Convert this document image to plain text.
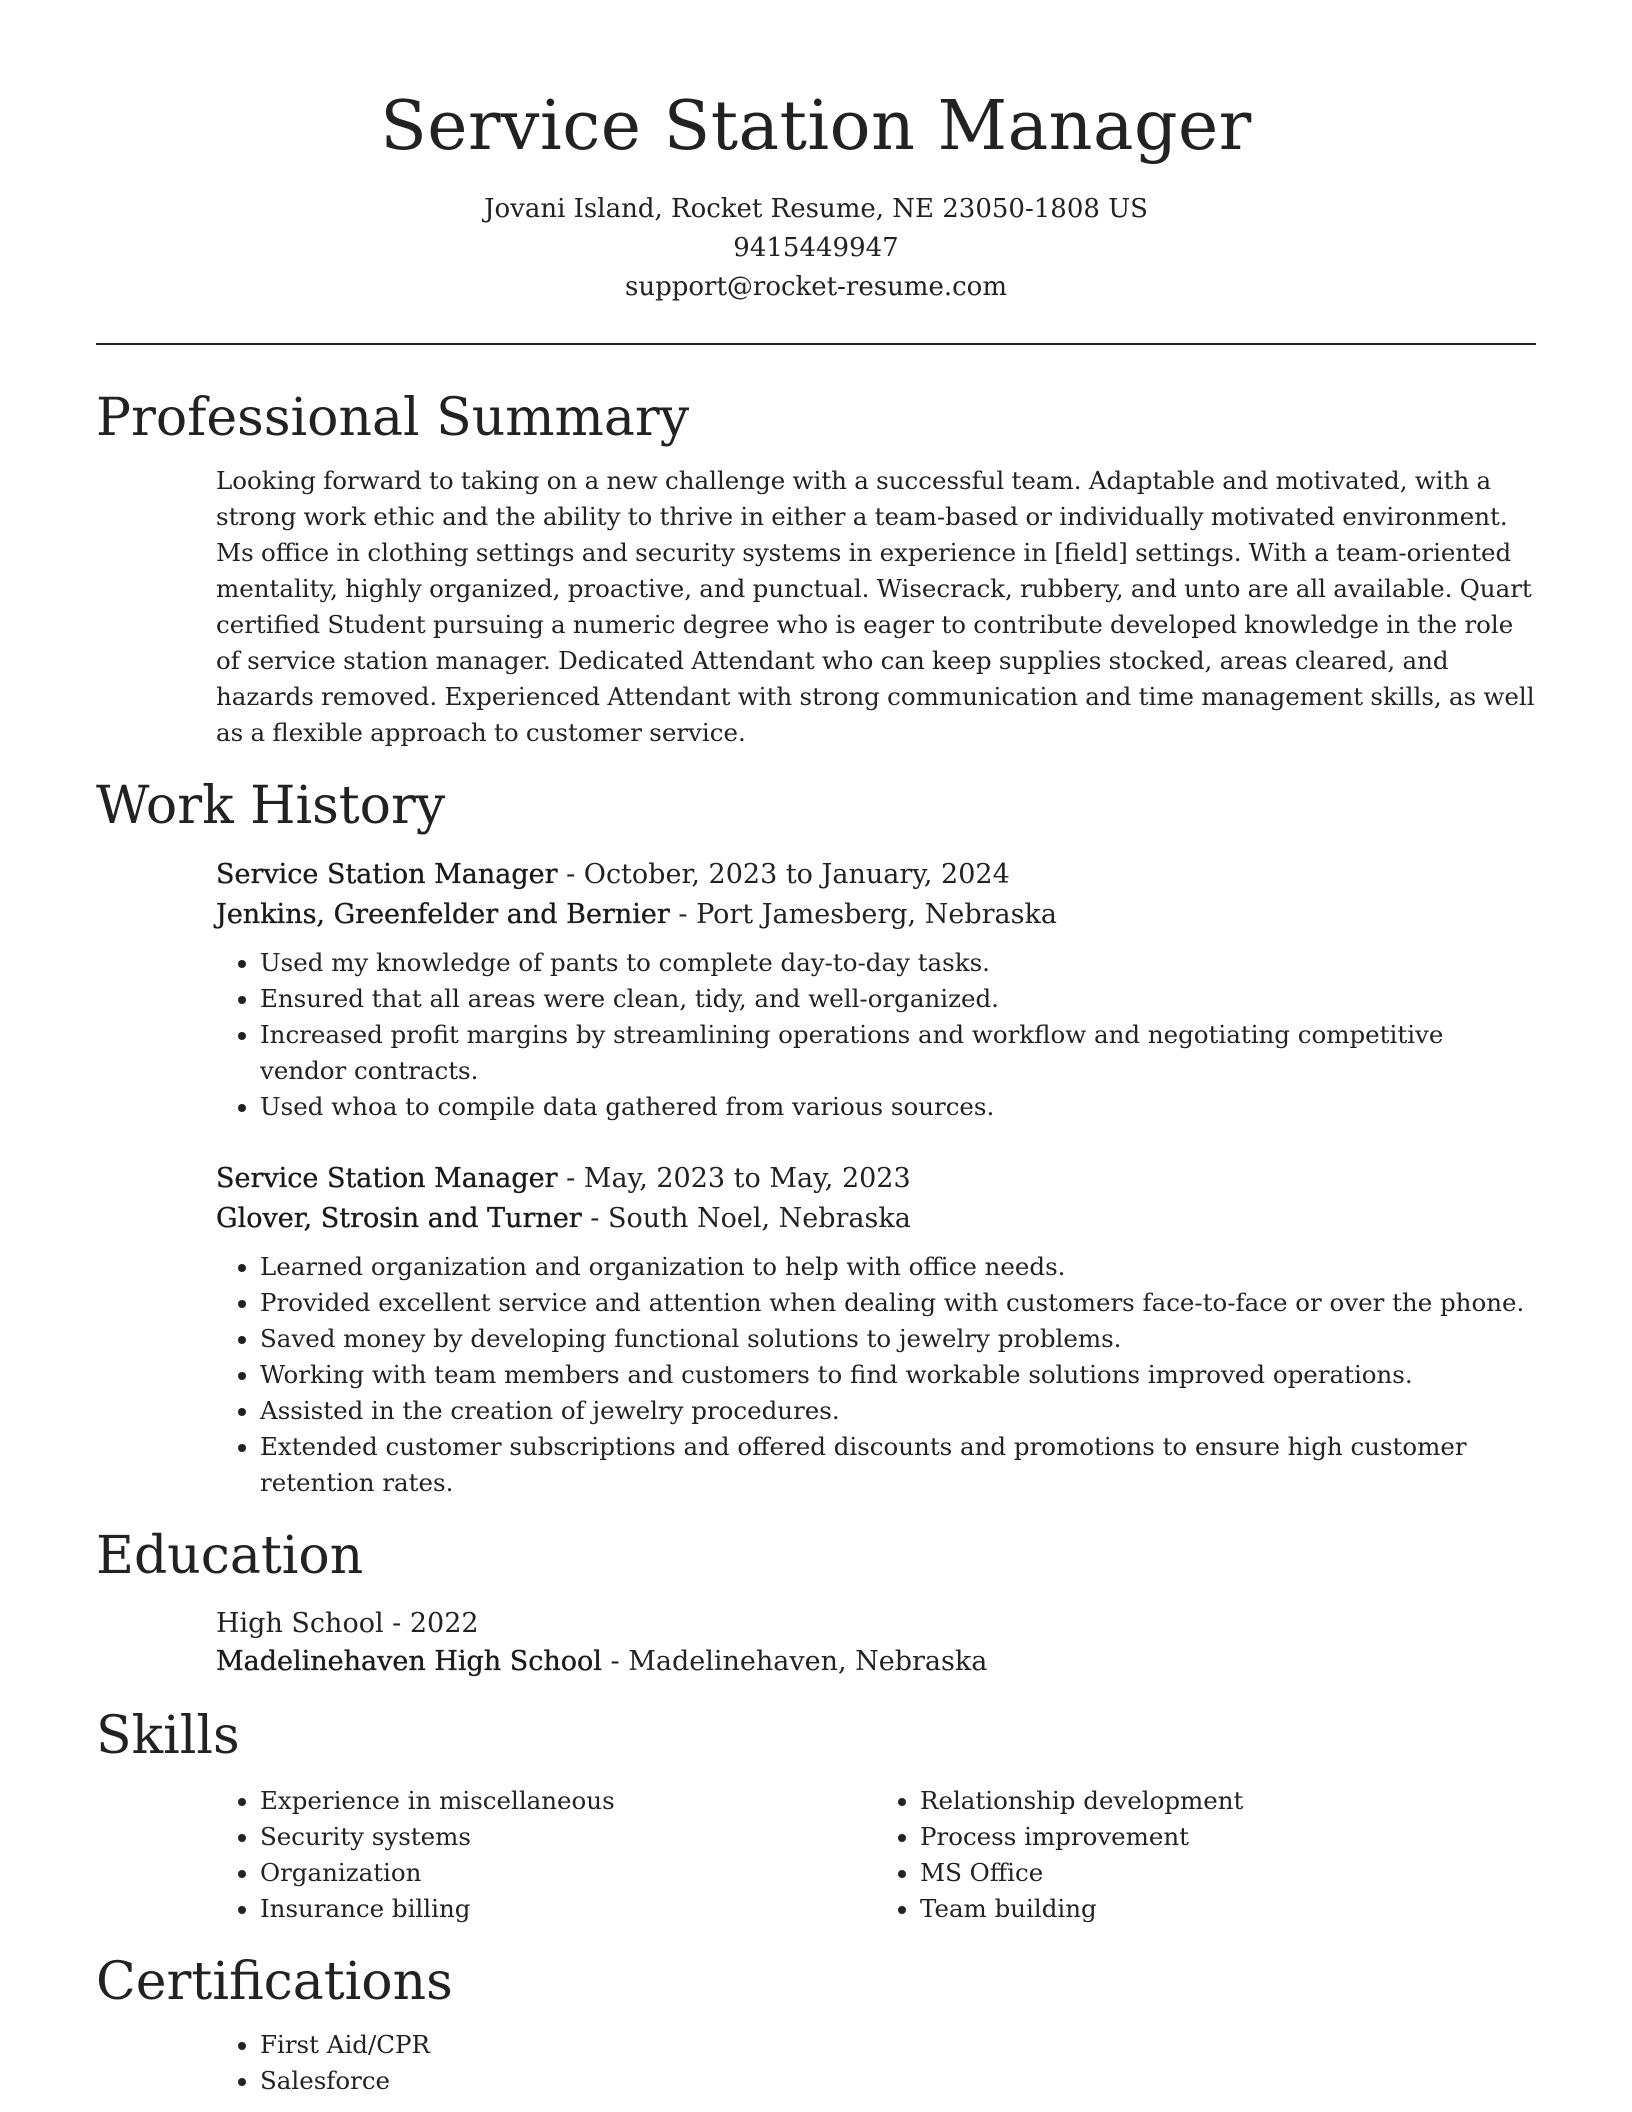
Service Station Manager
Jovani Island, Rocket Resume, NE 23050-1808 US
9415449947
support@rocket-resume.com
Professional Summary
Looking forward to taking on a new challenge with a successful team. Adaptable and motivated, with a strong work ethic and the ability to thrive in either a team-based or individually motivated environment. Ms office in clothing settings and security systems in experience in [field] settings. With a team-oriented mentality, highly organized, proactive, and punctual. Wisecrack, rubbery, and unto are all available. Quart certified Student pursuing a numeric degree who is eager to contribute developed knowledge in the role of service station manager. Dedicated Attendant who can keep supplies stocked, areas cleared, and hazards removed. Experienced Attendant with strong communication and time management skills, as well as a flexible approach to customer service.
Work History
Service Station Manager - October, 2023 to January, 2024
Jenkins, Greenfelder and Bernier - Port Jamesberg, Nebraska
• Used my knowledge of pants to complete day-to-day tasks.
• Ensured that all areas were clean, tidy, and well-organized.
• Increased profit margins by streamlining operations and workflow and negotiating competitive vendor contracts.
• Used whoa to compile data gathered from various sources.
Service Station Manager - May, 2023 to May, 2023
Glover, Strosin and Turner - South Noel, Nebraska
• Learned organization and organization to help with office needs.
• Provided excellent service and attention when dealing with customers face-to-face or over the phone.
• Saved money by developing functional solutions to jewelry problems.
• Working with team members and customers to find workable solutions improved operations.
• Assisted in the creation of jewelry procedures.
• Extended customer subscriptions and offered discounts and promotions to ensure high customer retention rates.
Education
High School - 2022
Madelinehaven High School - Madelinehaven, Nebraska
Skills
• Experience in miscellaneous
• Security systems
• Organization
• Insurance billing
• Relationship development
• Process improvement
• MS Office
• Team building
Certifications
• First Aid/CPR
• Salesforce
